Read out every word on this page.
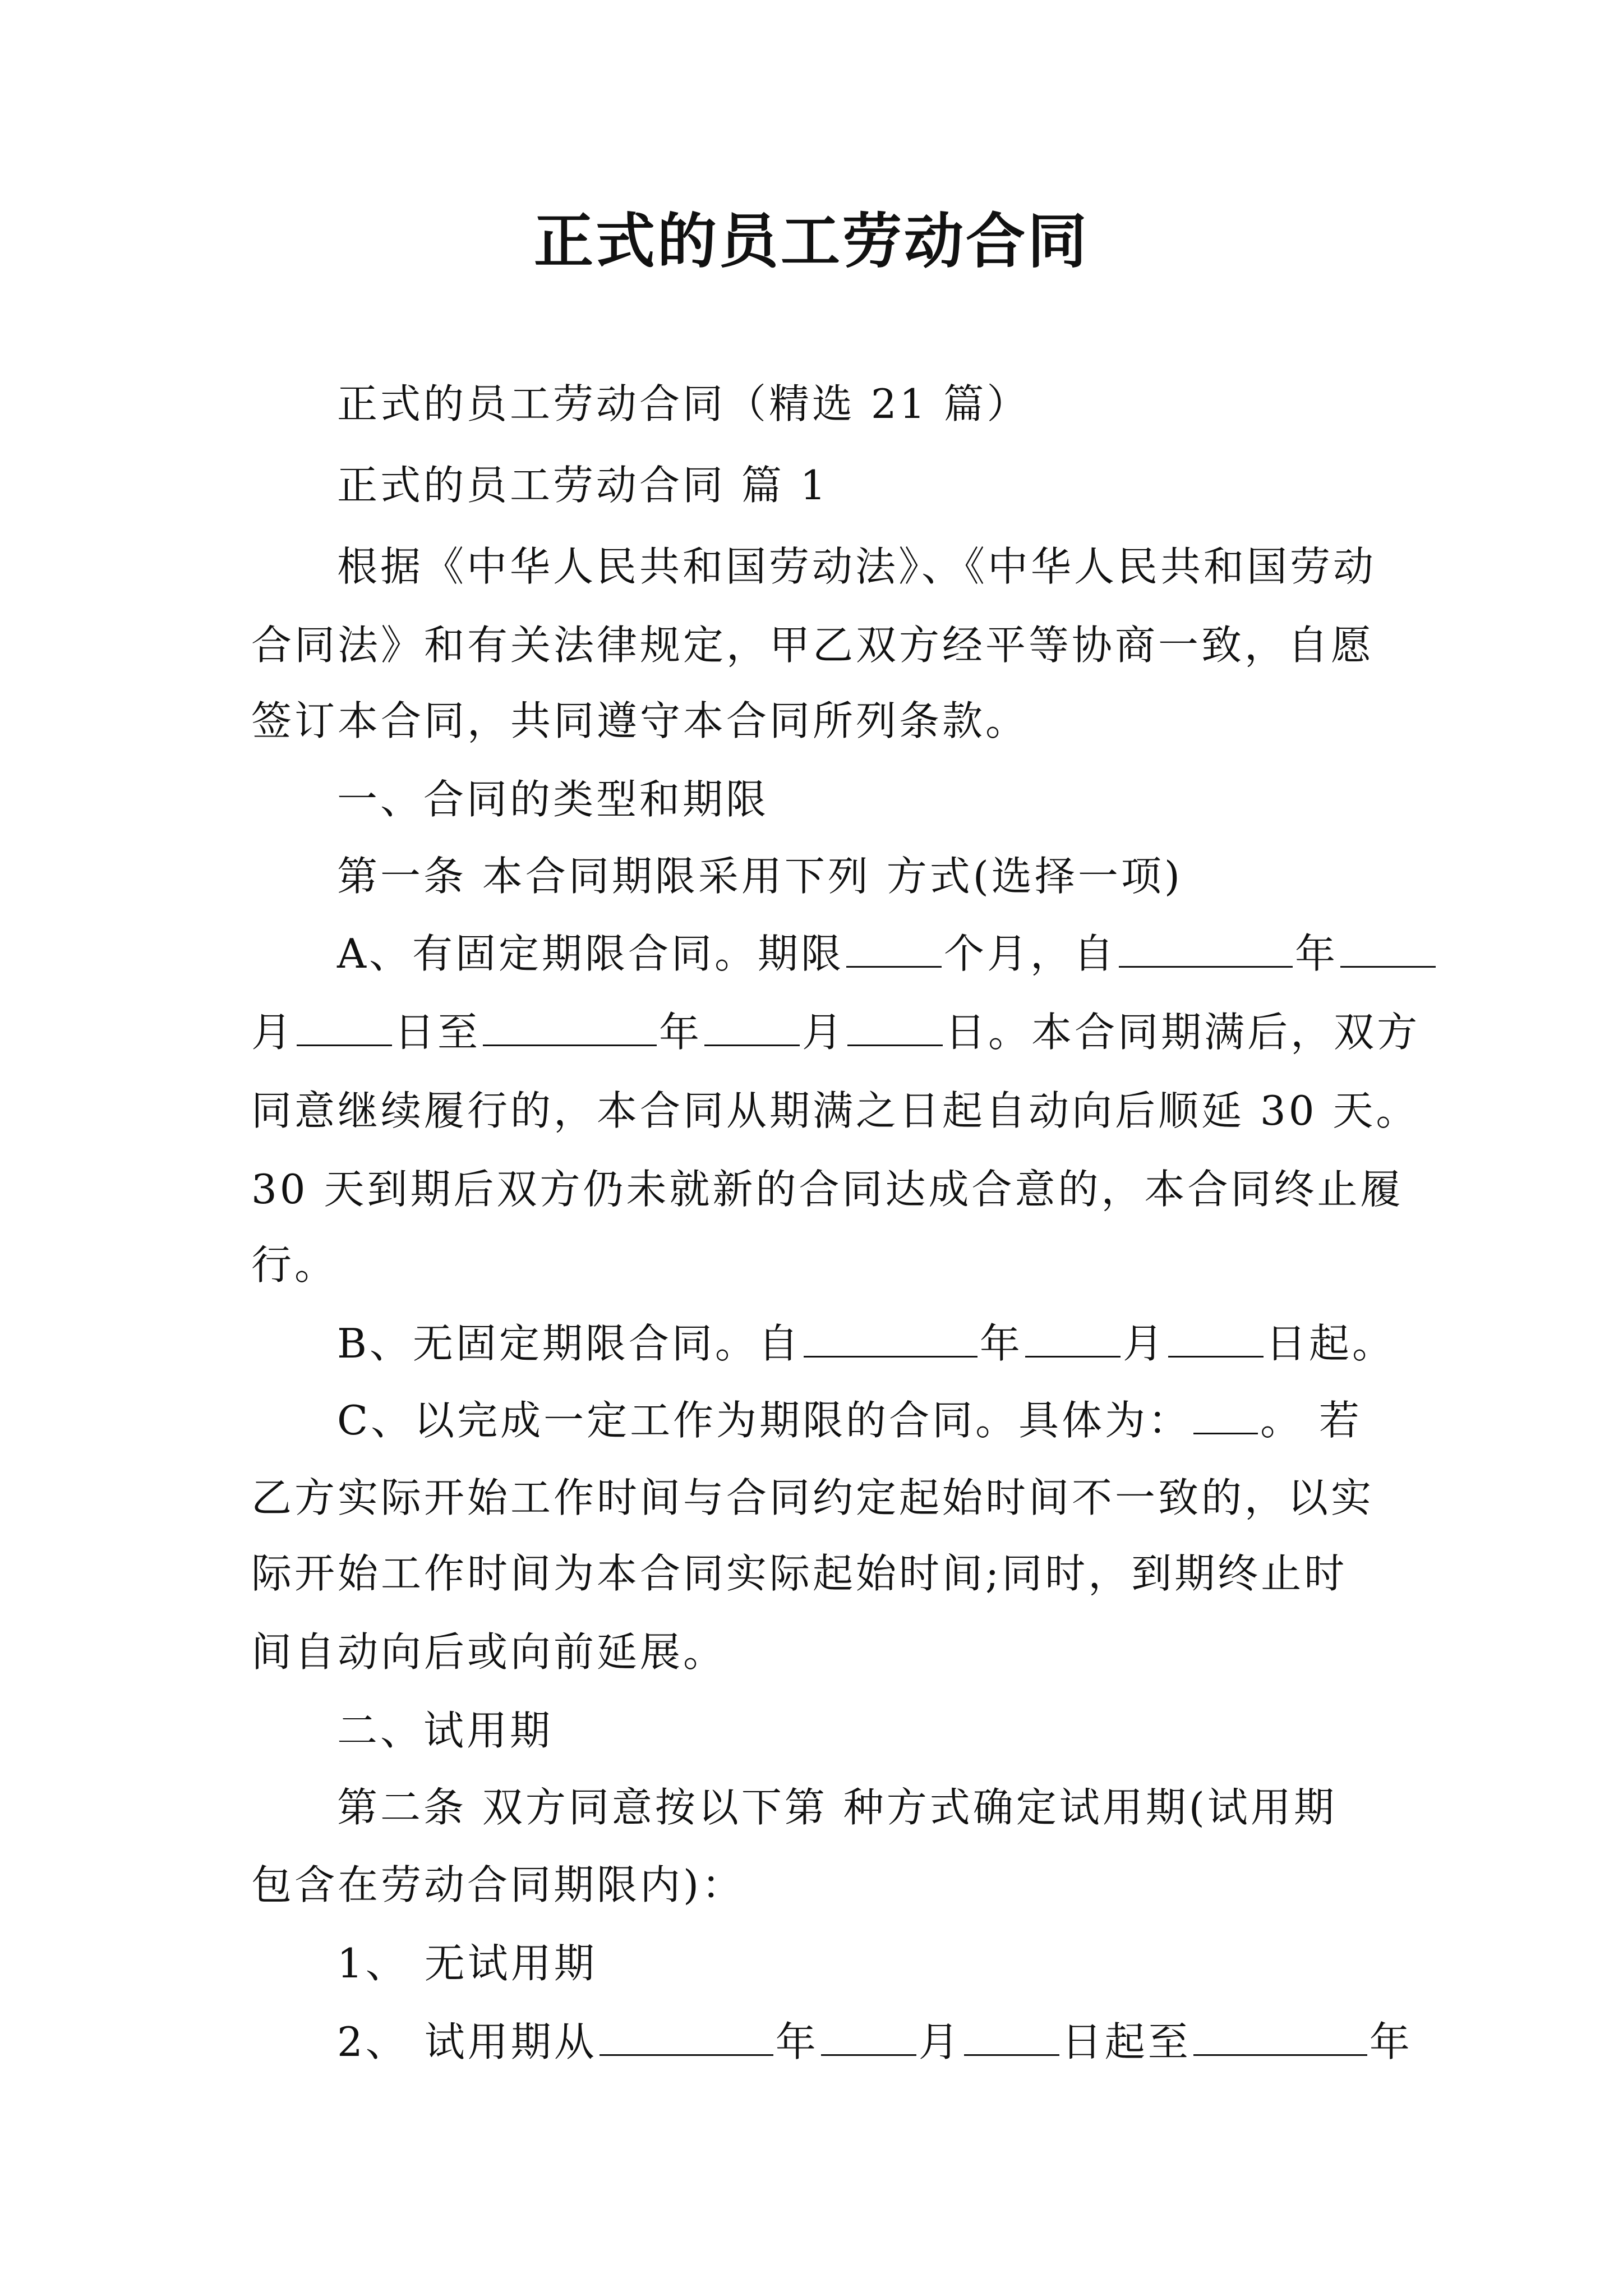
正式的员工劳动合同
正式的员工劳动合同（精选 21 篇）
正式的员工劳动合同 篇 1
根据《中华人民共和国劳动法》、《中华人民共和国劳动
合同法》和有关法律规定，甲乙双方经平等协商一致，自愿
签订本合同，共同遵守本合同所列条款。
一、合同的类型和期限
第一条 本合同期限采用下列 方式(选择一项)
A、有固定期限合同。期限 个月，自	年
月 日至	年 月 日。本合同期满后，双方
同意继续履行的，本合同从期满之日起自动向后顺延 30 天。
30 天到期后双方仍未就新的合同达成合意的，本合同终止履
行。
B、无固定期限合同。自	年 月 日起。
C、以完成一定工作为期限的合同。具体为： 。 若
乙方实际开始工作时间与合同约定起始时间不一致的，以实
际开始工作时间为本合同实际起始时间;同时，到期终止时
间自动向后或向前延展。
二、试用期
第二条 双方同意按以下第 种方式确定试用期(试用期
包含在劳动合同期限内)：
1、 无试用期
2、 试用期从	年 月 日起至	年
